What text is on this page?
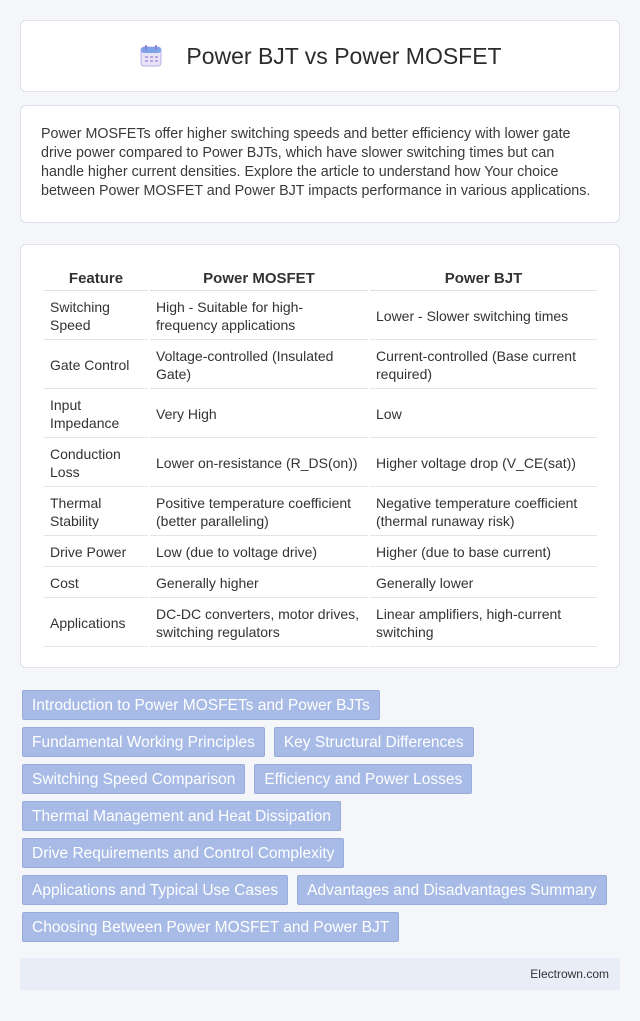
Power BJT vs Power MOSFET

Power MOSFETs offer higher switching speeds and better efficiency with lower gate drive power compared to Power BJTs, which have slower switching times but can handle higher current densities. Explore the article to understand how Your choice between Power MOSFET and Power BJT impacts performance in various applications.

Feature	Power MOSFET	Power BJT
Switching Speed	High - Suitable for high-frequency applications	Lower - Slower switching times
Gate Control	Voltage-controlled (Insulated Gate)	Current-controlled (Base current required)
Input Impedance	Very High	Low
Conduction Loss	Lower on-resistance (R_DS(on))	Higher voltage drop (V_CE(sat))
Thermal Stability	Positive temperature coefficient (better paralleling)	Negative temperature coefficient (thermal runaway risk)
Drive Power	Low (due to voltage drive)	Higher (due to base current)
Cost	Generally higher	Generally lower
Applications	DC-DC converters, motor drives, switching regulators	Linear amplifiers, high-current switching
Introduction to Power MOSFETs and Power BJTs
Fundamental Working Principles	Key Structural Differences
Switching Speed Comparison	Efficiency and Power Losses
Thermal Management and Heat Dissipation
Drive Requirements and Control Complexity
Applications and Typical Use Cases	Advantages and Disadvantages Summary
Choosing Between Power MOSFET and Power BJT
Electrown.com
